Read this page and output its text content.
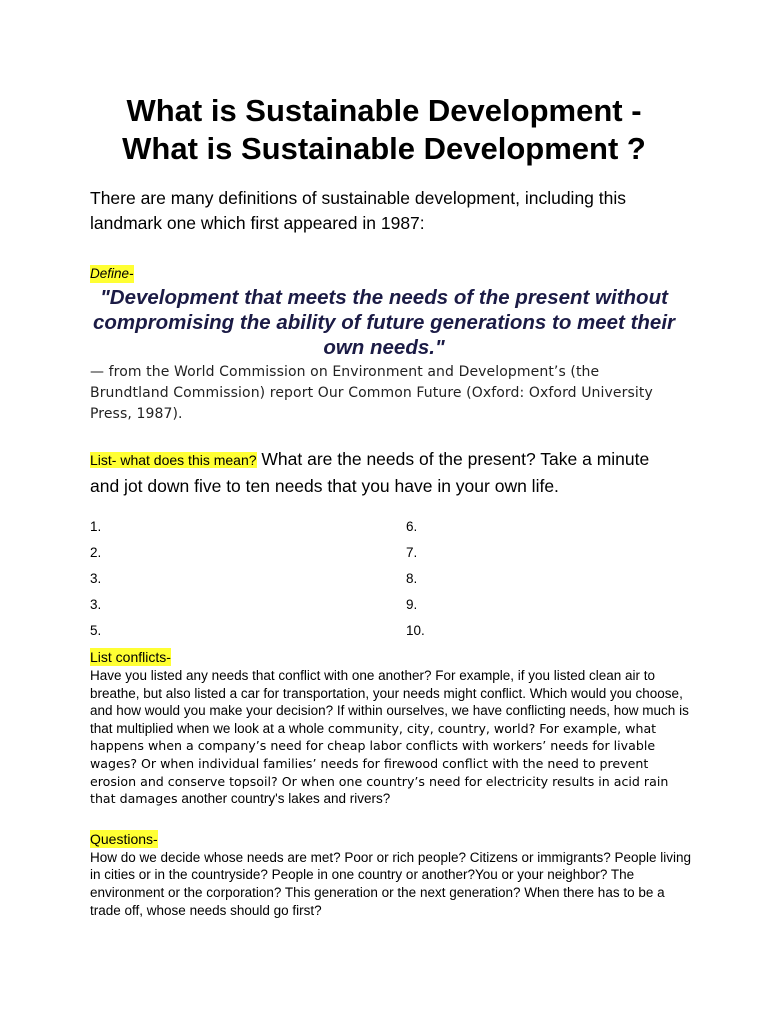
What is Sustainable Development - What is Sustainable Development ?

There are many definitions of sustainable development, including this landmark one which first appeared in 1987:

Define-

"Development that meets the needs of the present without compromising the ability of future generations to meet their own needs."

— from the World Commission on Environment and Development’s (the Brundtland Commission) report Our Common Future (Oxford: Oxford University Press, 1987).

List- what does this mean? What are the needs of the present? Take a minute and jot down five to ten needs that you have in your own life.

1.
2.
3.
3.
5.
6.
7.
8.
9.
10.
List conflicts-

Have you listed any needs that conflict with one another? For example, if you listed clean air to breathe, but also listed a car for transportation, your needs might conflict. Which would you choose, and how would you make your decision? If within ourselves, we have conflicting needs, how much is that multiplied when we look at a whole community, city, country, world? For example, what happens when a company’s need for cheap labor conflicts with workers’ needs for livable wages? Or when individual families’ needs for firewood conflict with the need to prevent erosion and conserve topsoil? Or when one country’s need for electricity results in acid rain that damages another country's lakes and rivers?

Questions-

How do we decide whose needs are met? Poor or rich people? Citizens or immigrants? People living in cities or in the countryside? People in one country or another?You or your neighbor? The environment or the corporation? This generation or the next generation? When there has to be a trade off, whose needs should go first?
